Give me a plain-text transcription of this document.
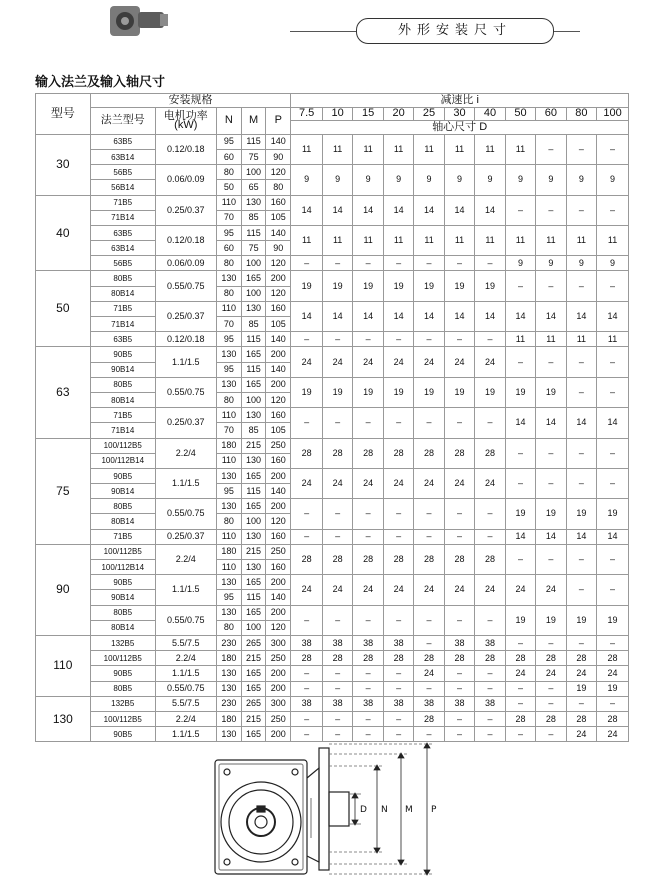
外形安装尺寸
输入法兰及输入轴尺寸
型号	安装规格					减速比 i										
	法兰型号	电机功率
(kW)	N	M	P	7.5	10	15	20	25	30	40	50	60	80	100
						轴心尺寸 D										
30	63B5	0.12/0.18	95	115	140	11	11	11	11	11	11	11	11	–	–	–
	63B14		60	75	90											
	56B5	0.06/0.09	80	100	120	9	9	9	9	9	9	9	9	9	9	9
	56B14		50	65	80											
40	71B5	0.25/0.37	110	130	160	14	14	14	14	14	14	14	–	–	–	–
	71B14		70	85	105											
	63B5	0.12/0.18	95	115	140	11	11	11	11	11	11	11	11	11	11	11
	63B14		60	75	90											
	56B5	0.06/0.09	80	100	120	–	–	–	–	–	–	–	9	9	9	9
50	80B5	0.55/0.75	130	165	200	19	19	19	19	19	19	19	–	–	–	–
	80B14		80	100	120											
	71B5	0.25/0.37	110	130	160	14	14	14	14	14	14	14	14	14	14	14
	71B14		70	85	105											
	63B5	0.12/0.18	95	115	140	–	–	–	–	–	–	–	11	11	11	11
63	90B5	1.1/1.5	130	165	200	24	24	24	24	24	24	24	–	–	–	–
	90B14		95	115	140											
	80B5	0.55/0.75	130	165	200	19	19	19	19	19	19	19	19	19	–	–
	80B14		80	100	120											
	71B5	0.25/0.37	110	130	160	–	–	–	–	–	–	–	14	14	14	14
	71B14		70	85	105											
75	100/112B5	2.2/4	180	215	250	28	28	28	28	28	28	28	–	–	–	–
	100/112B14		110	130	160											
	90B5	1.1/1.5	130	165	200	24	24	24	24	24	24	24	–	–	–	–
	90B14		95	115	140											
	80B5	0.55/0.75	130	165	200	–	–	–	–	–	–	–	19	19	19	19
	80B14		80	100	120											
	71B5	0.25/0.37	110	130	160	–	–	–	–	–	–	–	14	14	14	14
90	100/112B5	2.2/4	180	215	250	28	28	28	28	28	28	28	–	–	–	–
	100/112B14		110	130	160											
	90B5	1.1/1.5	130	165	200	24	24	24	24	24	24	24	24	24	–	–
	90B14		95	115	140											
	80B5	0.55/0.75	130	165	200	–	–	–	–	–	–	–	19	19	19	19
	80B14		80	100	120											
110	132B5	5.5/7.5	230	265	300	38	38	38	38	–	38	38	–	–	–	–
	100/112B5	2.2/4	180	215	250	28	28	28	28	28	28	28	28	28	28	28
	90B5	1.1/1.5	130	165	200	–	–	–	–	24	–	–	24	24	24	24
	80B5	0.55/0.75	130	165	200	–	–	–	–	–	–	–	–	–	19	19
130	132B5	5.5/7.5	230	265	300	38	38	38	38	38	38	38	–	–	–	–
	100/112B5	2.2/4	180	215	250	–	–	–	–	28	–	–	28	28	28	28
	90B5	1.1/1.5	130	165	200	–	–	–	–	–	–	–	–	–	24	24
D N M P
